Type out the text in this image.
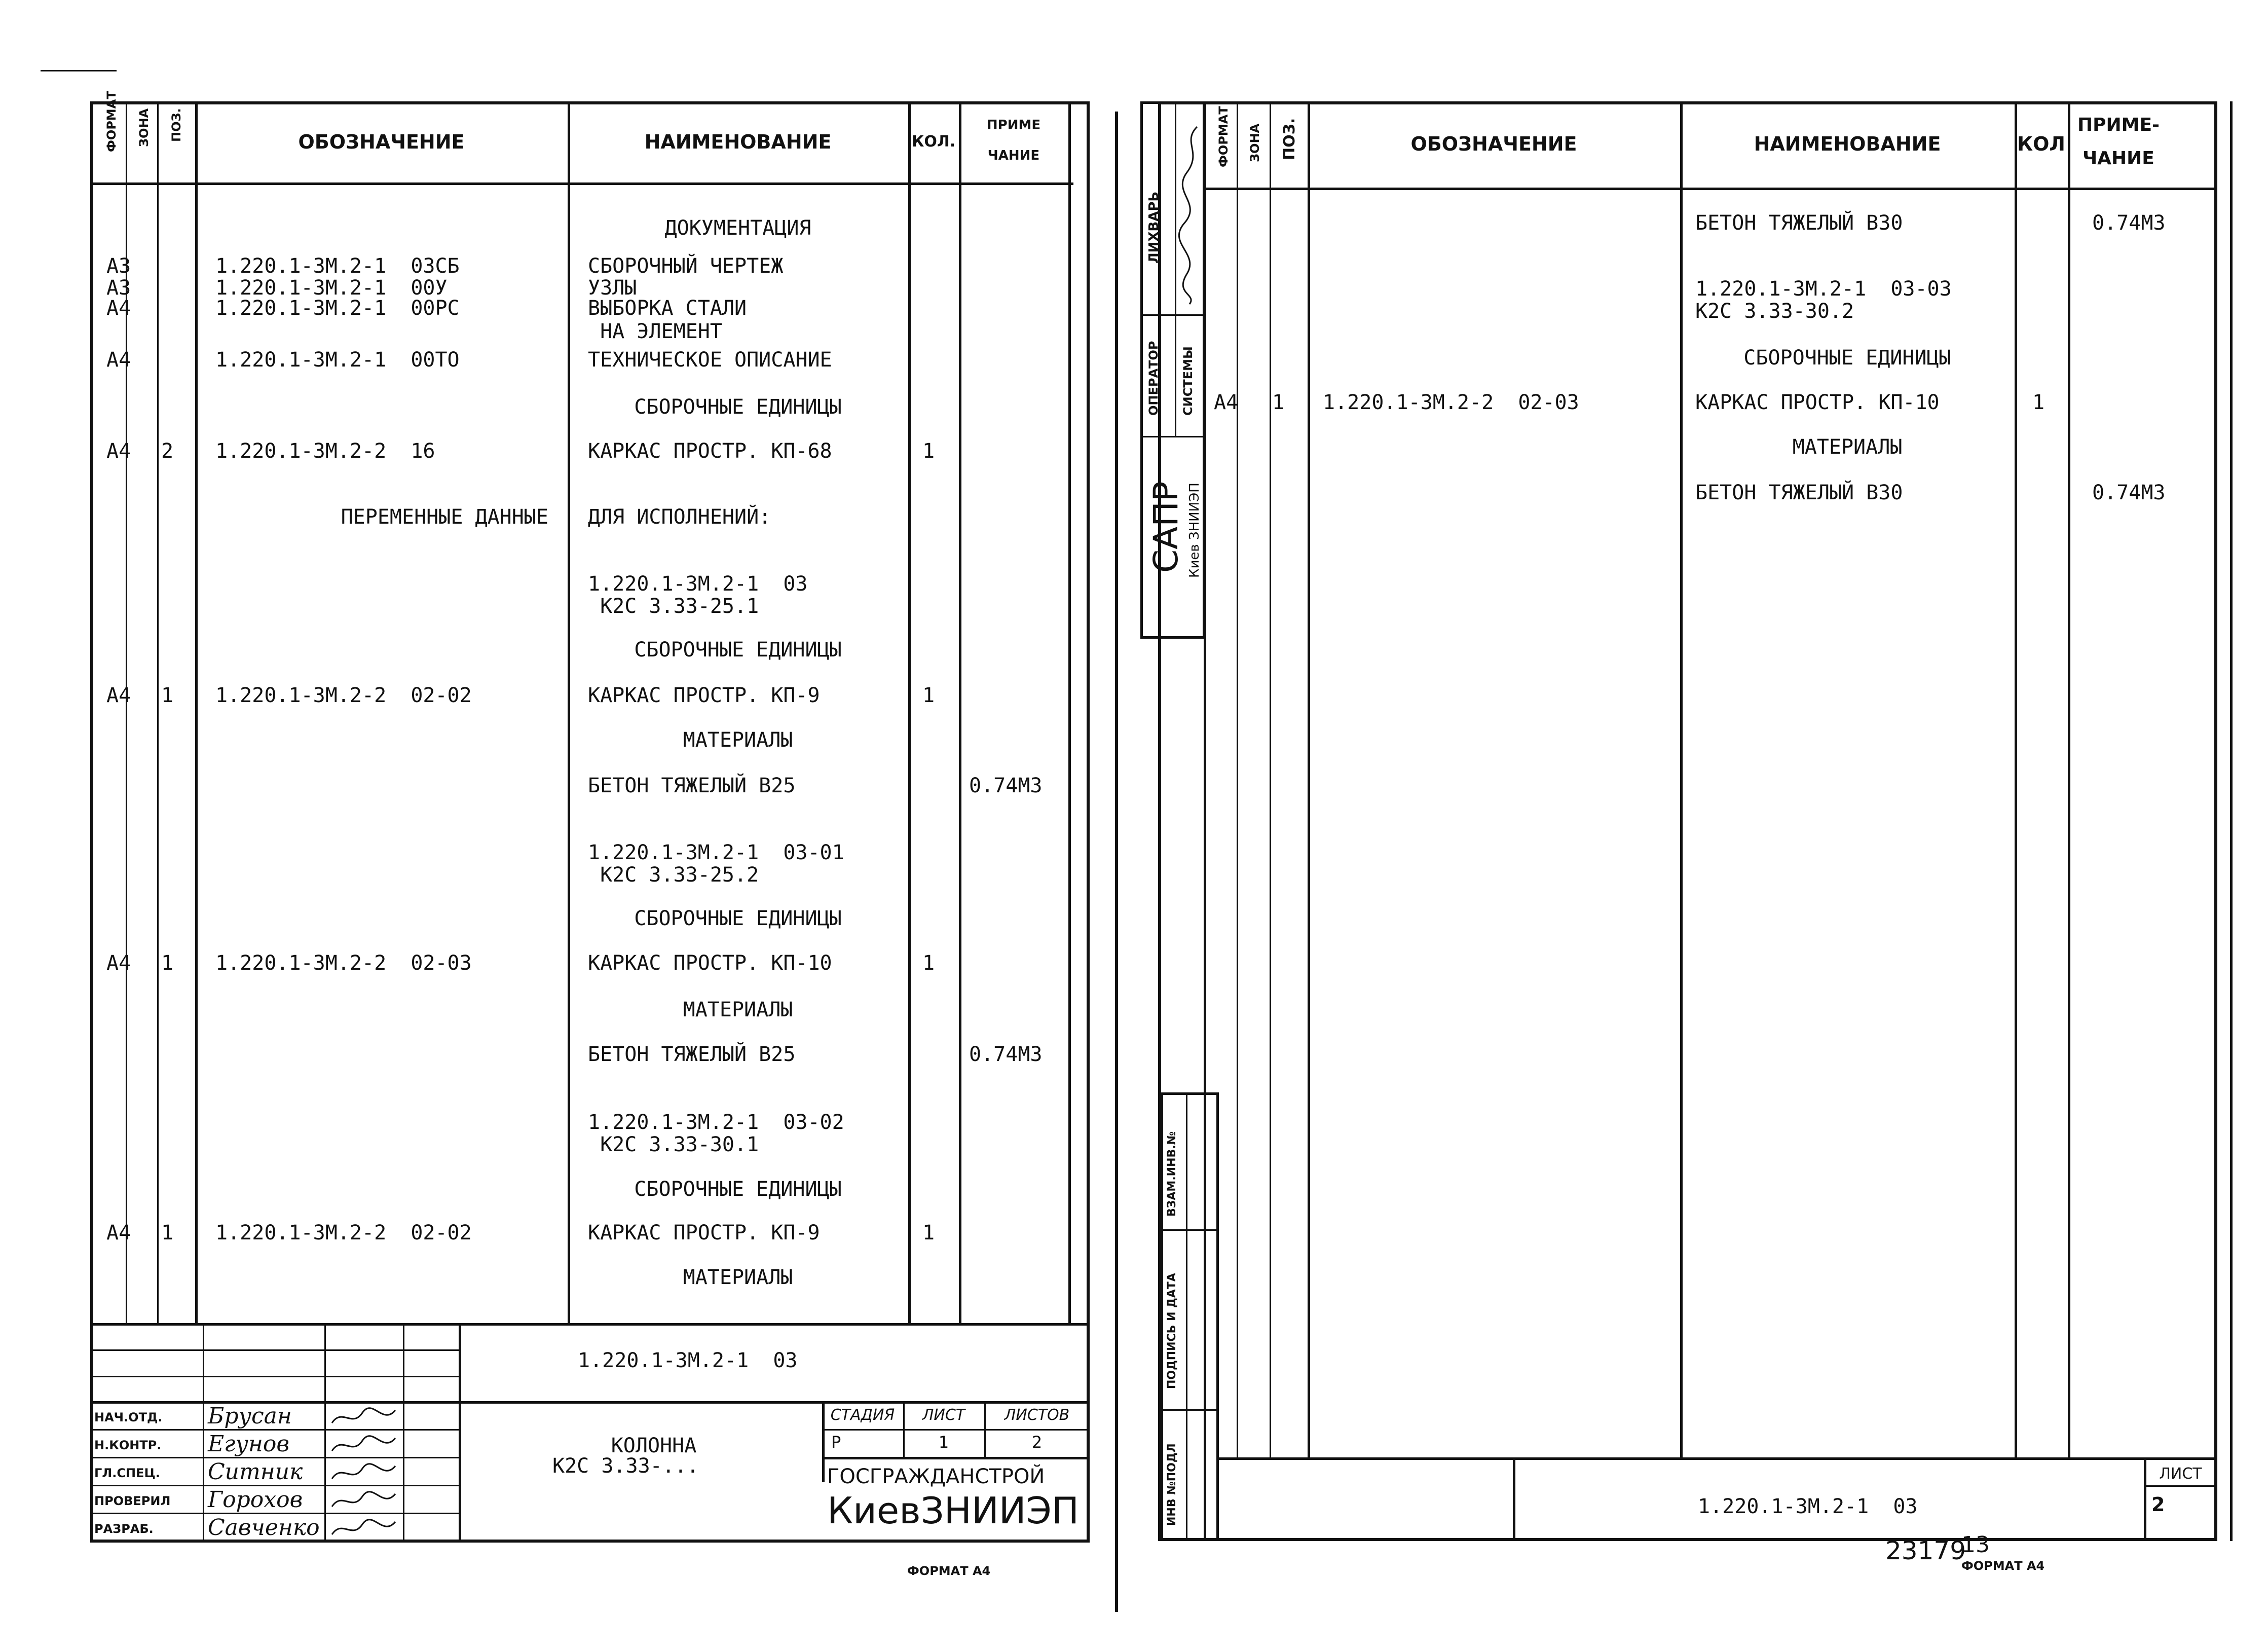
ФОРМАТ ЗОНА ПОЗ.	ОБОЗНАЧЕНИЕ	НАИМЕНОВАНИЕ	КОЛ.
ПРИМЕ
ЧАНИЕ
ДОКУМЕНТАЦИЯ
А3	1.220.1-3М.2-1  03СБ	СБОРОЧНЫЙ ЧЕРТЕЖ
А3	1.220.1-3М.2-1  00У	УЗЛЫ
А4	1.220.1-3М.2-1  00РС	ВЫБОРКА СТАЛИ
НА ЭЛЕМЕНТ
А4	1.220.1-3М.2-1  00ТО	ТЕХНИЧЕСКОЕ ОПИСАНИЕ
СБОРОЧНЫЕ ЕДИНИЦЫ
А4 2 1.220.1-3М.2-2  16	КАРКАС ПРОСТР. КП-68	1
ПЕРЕМЕННЫЕ ДАННЫЕ ДЛЯ ИСПОЛНЕНИЙ:
1.220.1-3М.2-1  03
К2С 3.33-25.1
СБОРОЧНЫЕ ЕДИНИЦЫ
А4 1 1.220.1-3М.2-2  02-02	КАРКАС ПРОСТР. КП-9	1
МАТЕРИАЛЫ
БЕТОН ТЯЖЕЛЫЙ В25	0.74М3
1.220.1-3М.2-1  03-01
К2С 3.33-25.2
СБОРОЧНЫЕ ЕДИНИЦЫ
А4 1 1.220.1-3М.2-2  02-03	КАРКАС ПРОСТР. КП-10	1
МАТЕРИАЛЫ
БЕТОН ТЯЖЕЛЫЙ В25	0.74М3
1.220.1-3М.2-1  03-02
К2С 3.33-30.1
СБОРОЧНЫЕ ЕДИНИЦЫ
А4 1 1.220.1-3М.2-2  02-02	КАРКАС ПРОСТР. КП-9	1
МАТЕРИАЛЫ
1.220.1-3М.2-1  03
КОЛОННА
К2С 3.33-...
СТАДИЯ	ЛИСТ	ЛИСТОВ
Р	1	2
ГОСГРАЖДАНСТРОЙ
КиевЗНИИЭП
НАЧ.ОТД. Брусан
Н.КОНТР. Егунов
ГЛ.СПЕЦ. Ситник
ПРОВЕРИЛ Горохов
РАЗРАБ. Савченко
ФОРМАТ А4
ФОРМАТ ЗОНА ПОЗ.	ОБОЗНАЧЕНИЕ	НАИМЕНОВАНИЕ	КОЛ
ПРИМЕ-
ЧАНИЕ
ЛИХВАРЬ
ОПЕРАТОР СИСТЕМЫ
САПР Киев ЗНИИЭП
ВЗАМ.ИНВ.№
ПОДПИСЬ И ДАТА
ИНВ №ПОДЛ
БЕТОН ТЯЖЕЛЫЙ В30	0.74М3
1.220.1-3М.2-1  03-03
К2С 3.33-30.2
СБОРОЧНЫЕ ЕДИНИЦЫ
А4 1 1.220.1-3М.2-2  02-03	КАРКАС ПРОСТР. КП-10	1
МАТЕРИАЛЫ
БЕТОН ТЯЖЕЛЫЙ В30	0.74М3
1.220.1-3М.2-1  03
ЛИСТ
2
23179
13
ФОРМАТ А4
